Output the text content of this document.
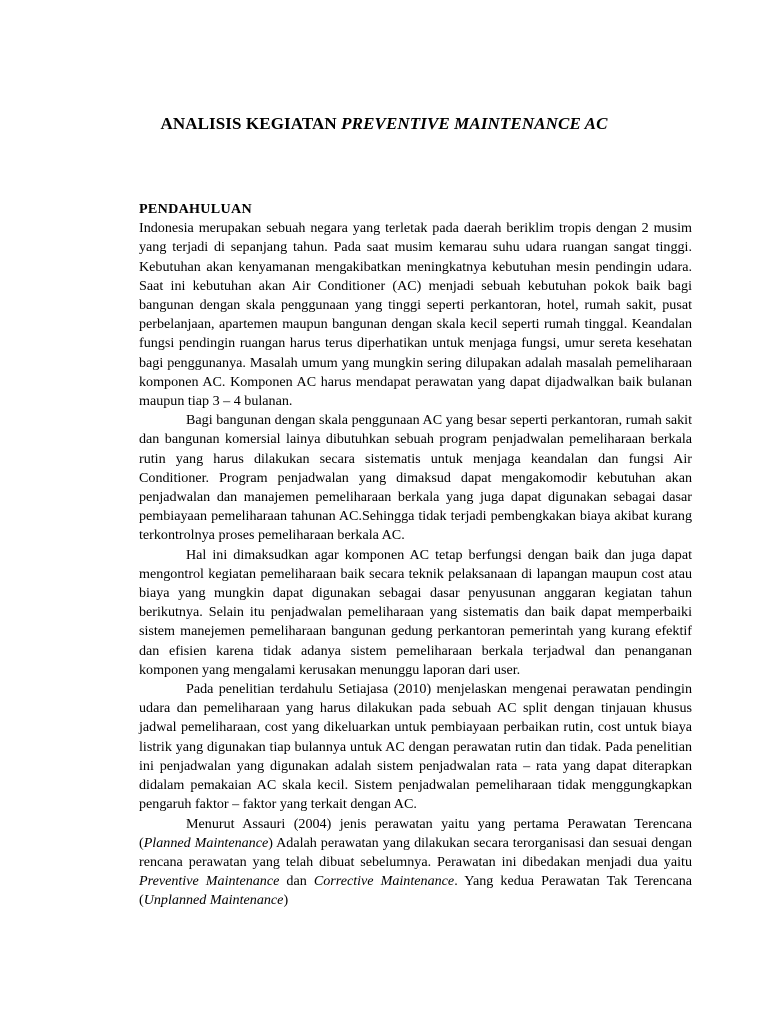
ANALISIS KEGIATAN PREVENTIVE MAINTENANCE AC

PENDAHULUAN

Indonesia merupakan sebuah negara yang terletak pada daerah beriklim tropis dengan 2 musim yang terjadi di sepanjang tahun. Pada saat musim kemarau suhu udara ruangan sangat tinggi. Kebutuhan akan kenyamanan mengakibatkan meningkatnya kebutuhan mesin pendingin udara. Saat ini kebutuhan akan Air Conditioner (AC) menjadi sebuah kebutuhan pokok baik bagi bangunan dengan skala penggunaan yang tinggi seperti perkantoran, hotel, rumah sakit, pusat perbelanjaan, apartemen maupun bangunan dengan skala kecil seperti rumah tinggal. Keandalan fungsi pendingin ruangan harus terus diperhatikan untuk menjaga fungsi, umur sereta kesehatan bagi penggunanya. Masalah umum yang mungkin sering dilupakan adalah masalah pemeliharaan komponen AC. Komponen AC harus mendapat perawatan yang dapat dijadwalkan baik bulanan maupun tiap 3 – 4 bulanan.

Bagi bangunan dengan skala penggunaan AC yang besar seperti perkantoran, rumah sakit dan bangunan komersial lainya dibutuhkan sebuah program penjadwalan pemeliharaan berkala rutin yang harus dilakukan secara sistematis untuk menjaga keandalan dan fungsi Air Conditioner. Program penjadwalan yang dimaksud dapat mengakomodir kebutuhan akan penjadwalan dan manajemen pemeliharaan berkala yang juga dapat digunakan sebagai dasar pembiayaan pemeliharaan tahunan AC.Sehingga tidak terjadi pembengkakan biaya akibat kurang terkontrolnya proses pemeliharaan berkala AC.

Hal ini dimaksudkan agar komponen AC tetap berfungsi dengan baik dan juga dapat mengontrol kegiatan pemeliharaan baik secara teknik pelaksanaan di lapangan maupun cost atau biaya yang mungkin dapat digunakan sebagai dasar penyusunan anggaran kegiatan tahun berikutnya. Selain itu penjadwalan pemeliharaan yang sistematis dan baik dapat memperbaiki sistem manejemen pemeliharaan bangunan gedung perkantoran pemerintah yang kurang efektif dan efisien karena tidak adanya sistem pemeliharaan berkala terjadwal dan penanganan komponen yang mengalami kerusakan menunggu laporan dari user.

Pada penelitian terdahulu Setiajasa (2010) menjelaskan mengenai perawatan pendingin udara dan pemeliharaan yang harus dilakukan pada sebuah AC split dengan tinjauan khusus jadwal pemeliharaan, cost yang dikeluarkan untuk pembiayaan perbaikan rutin, cost untuk biaya listrik yang digunakan tiap bulannya untuk AC dengan perawatan rutin dan tidak. Pada penelitian ini penjadwalan yang digunakan adalah sistem penjadwalan rata – rata yang dapat diterapkan didalam pemakaian AC skala kecil. Sistem penjadwalan pemeliharaan tidak menggungkapkan pengaruh faktor – faktor yang terkait dengan AC.

Menurut Assauri (2004) jenis perawatan yaitu yang pertama Perawatan Terencana (Planned Maintenance) Adalah perawatan yang dilakukan secara terorganisasi dan sesuai dengan rencana perawatan yang telah dibuat sebelumnya. Perawatan ini dibedakan menjadi dua yaitu Preventive Maintenance dan Corrective Maintenance. Yang kedua Perawatan Tak Terencana (Unplanned Maintenance)
